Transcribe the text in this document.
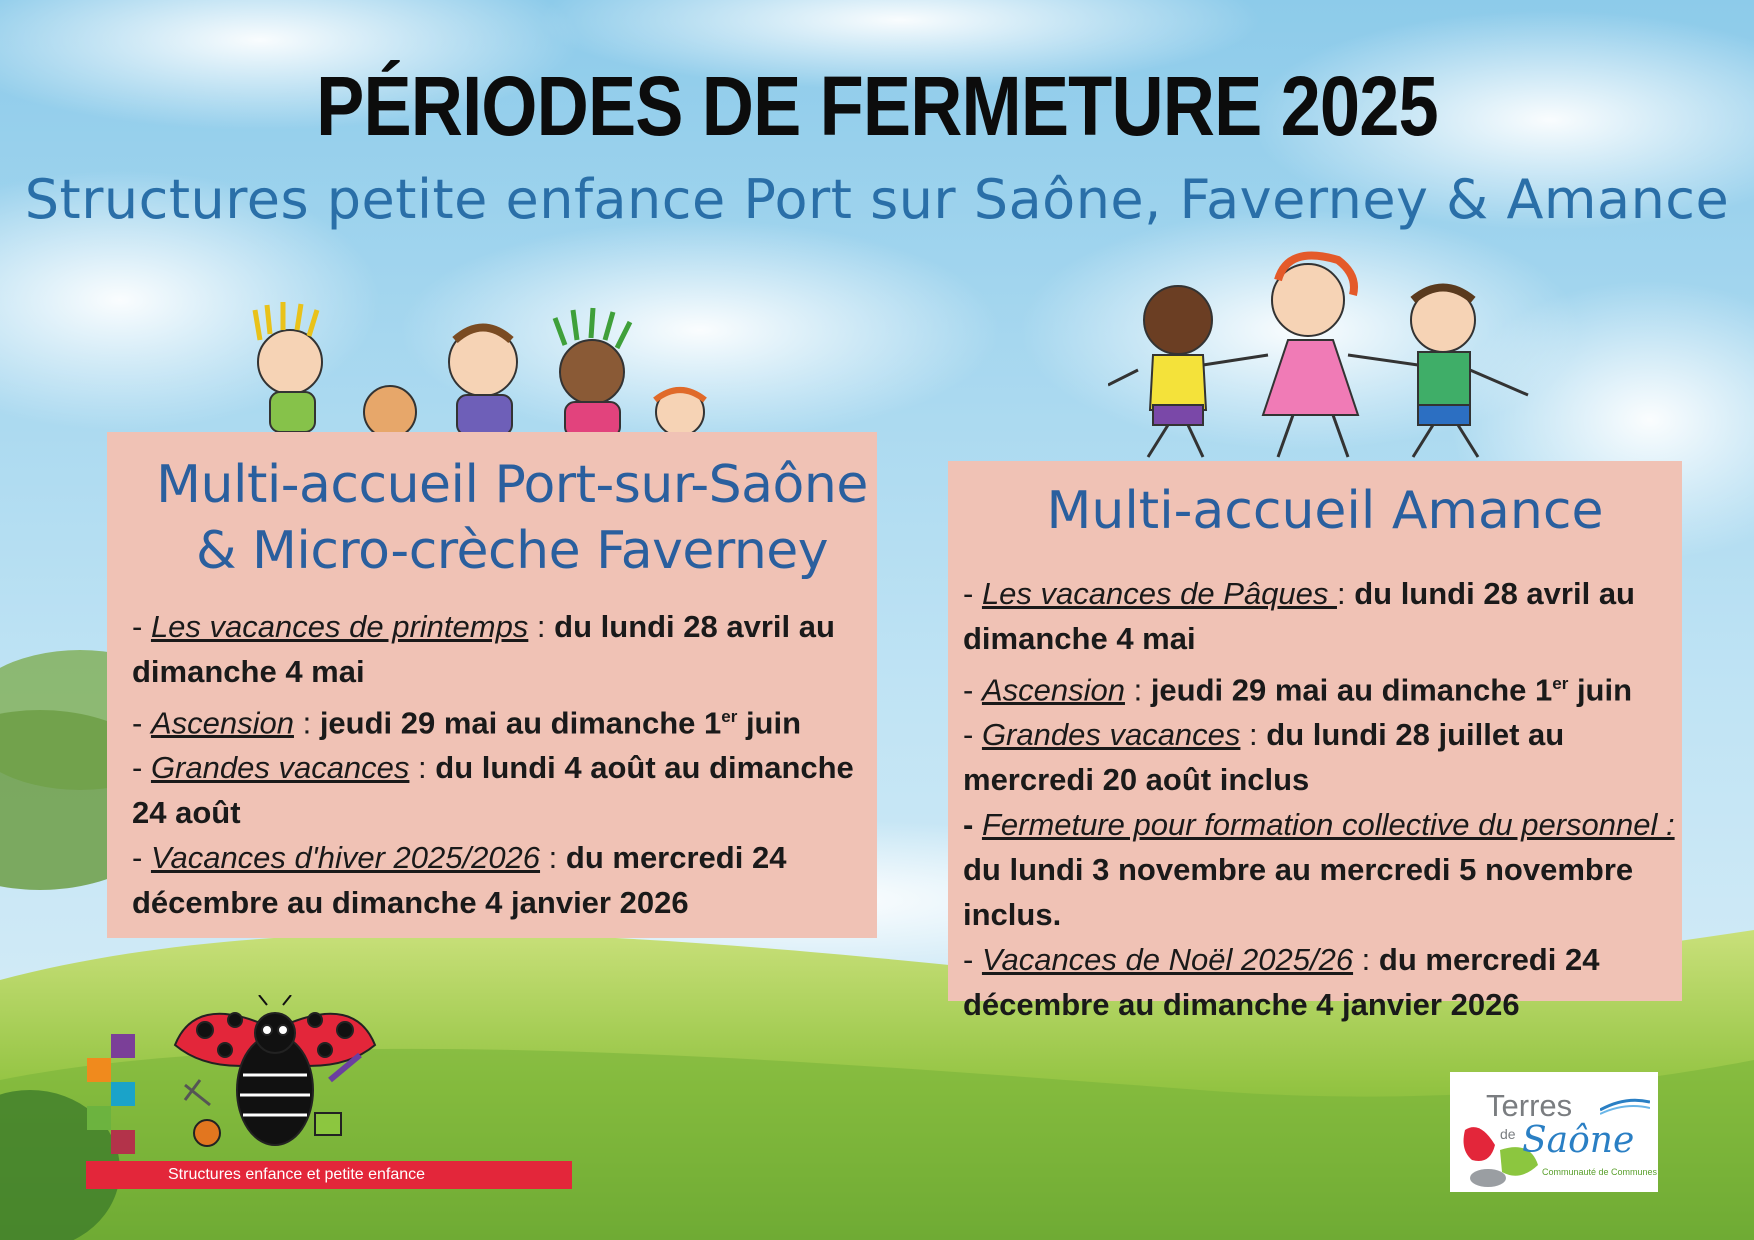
PÉRIODES DE FERMETURE 2025
Structures petite enfance Port sur Saône, Faverney & Amance
Multi-accueil Port-sur-Saône
& Micro-crèche Faverney

- Les vacances de printemps : du lundi 28 avril au dimanche 4 mai

- Ascension : jeudi 29 mai au dimanche 1er juin

- Grandes vacances : du lundi 4 août au dimanche 24 août

- Vacances d'hiver 2025/2026 : du mercredi 24 décembre au dimanche 4 janvier 2026

Multi-accueil Amance

- Les vacances de Pâques : du lundi 28 avril au dimanche 4 mai

- Ascension : jeudi 29 mai au dimanche 1er juin

- Grandes vacances : du lundi 28 juillet au mercredi 20 août inclus

- Fermeture pour formation collective du personnel : du lundi 3 novembre au mercredi 5 novembre inclus.

- Vacances de Noël 2025/26 : du mercredi 24 décembre au dimanche 4 janvier 2026

Structures enfance et petite enfance
Terres
de Saône
Communauté de Communes
